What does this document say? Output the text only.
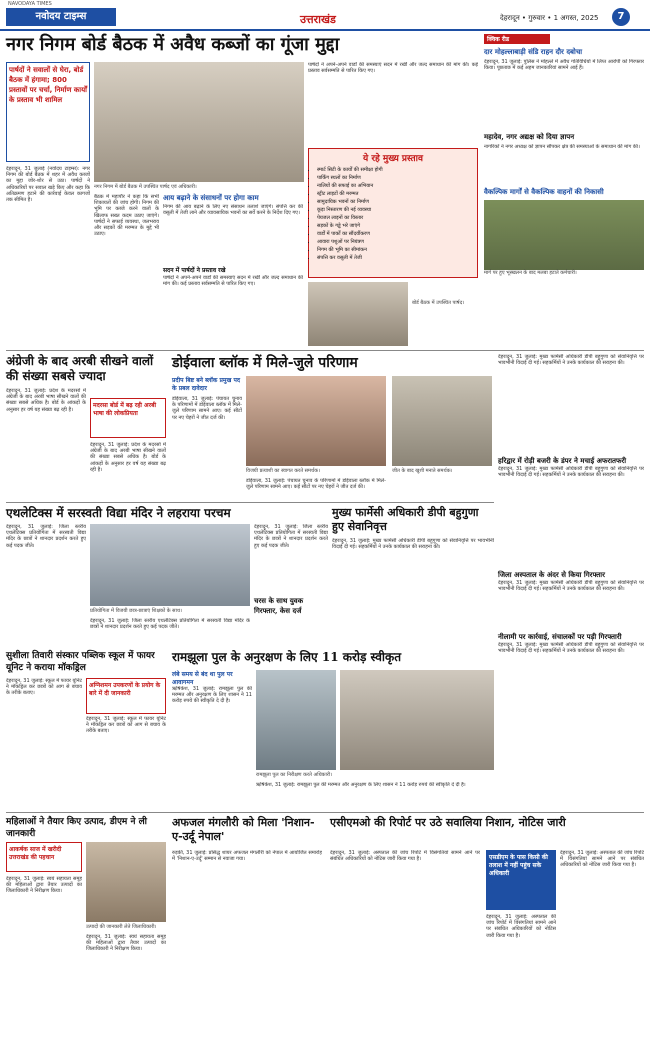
NAVODAYA TIMES
नवोदय टाइम्स	उत्तराखंड	देहरादून • गुरुवार • 1 अगस्त, 2025	7
नगर निगम बोर्ड बैठक में अवैध कब्जों का गूंजा मुद्दा
पार्षदों ने सवालों से घेरा, बोर्ड बैठक में हंगामा; 800 प्रस्तावों पर चर्चा, निर्माण कार्यों के प्रस्ताव भी शामिल
देहरादून, 31 जुलाई (नवोदय टाइम्स): नगर निगम की बोर्ड बैठक में शहर में अवैध कब्जों का मुद्दा जोर-शोर से उठा। पार्षदों ने अधिकारियों पर सवाल खड़े किए और कहा कि अतिक्रमण हटाने की कार्रवाई केवल कागजों तक सीमित है।
नगर निगम में बोर्ड बैठक में उपस्थित पार्षद एवं अधिकारी।
बैठक में महापौर ने कहा कि सभी शिकायतों की जांच होगी। निगम की भूमि पर कब्जे करने वालों के खिलाफ सख्त कदम उठाए जाएंगे। पार्षदों ने सफाई व्यवस्था, जलभराव और सड़कों की मरम्मत के मुद्दे भी उठाए।
आय बढ़ाने के संसाधनों पर होगा काम
निगम की आय बढ़ाने के लिए नए संसाधन तलाशे जाएंगे। संपत्ति कर की वसूली में तेजी लाने और व्यावसायिक भवनों का सर्वे करने के निर्देश दिए गए।
सदन में पार्षदों ने प्रस्ताव रखे
पार्षदों ने अपने-अपने वार्डों की समस्याएं सदन में रखीं और जल्द समाधान की मांग की। कई प्रस्ताव सर्वसम्मति से पारित किए गए।
पार्षदों ने अपने-अपने वार्डों की समस्याएं सदन में रखीं और जल्द समाधान की मांग की। कई प्रस्ताव सर्वसम्मति से पारित किए गए।
ये रहे मुख्य प्रस्ताव
• स्मार्ट सिटी के कार्यों की समीक्षा होगी
• पार्किंग स्थलों का निर्माण
• नालियों की सफाई का अभियान
• स्ट्रीट लाइटों की मरम्मत
• सामुदायिक भवनों का निर्माण
• कूड़ा निस्तारण की नई व्यवस्था
• पेयजल लाइनों का विस्तार
• सड़कों के गड्ढे भरे जाएंगे
• वार्डों में पार्कों का सौंदर्यीकरण
• आवारा पशुओं पर नियंत्रण
• निगम की भूमि का सीमांकन
• संपत्ति कर वसूली में तेजी
बोर्ड बैठक में उपस्थित पार्षद।
क्विक रीड
दार मोहल्लाबाड़ी संडि राहन दौर दबोचा
देहरादून, 31 जुलाई: पुलिस ने मोहल्ले में अवैध गतिविधियों में लिप्त आरोपी को गिरफ्तार किया। पूछताछ में कई अहम जानकारियां सामने आई हैं।
महादेव, नगर अद्यक्ष को दिया ज्ञापन
नागरिकों ने नगर अध्यक्ष को ज्ञापन सौंपकर क्षेत्र की समस्याओं के समाधान की मांग की।
वैकल्पिक मार्गों से वैकल्पिक वाहनों की निकासी
मार्ग पर हुए भूस्खलन के बाद मलबा हटाते कर्मचारी।
अंग्रेजी के बाद अरबी सीखने वालों की संख्या सबसे ज्यादा
देहरादून, 31 जुलाई: प्रदेश के मदरसों में अंग्रेजी के बाद अरबी भाषा सीखने वालों की संख्या सबसे अधिक है। बोर्ड के आंकड़ों के अनुसार हर वर्ष यह संख्या बढ़ रही है।
मदरसा बोर्ड में बढ़ रही अरबी भाषा की लोकप्रियता
देहरादून, 31 जुलाई: प्रदेश के मदरसों में अंग्रेजी के बाद अरबी भाषा सीखने वालों की संख्या सबसे अधिक है। बोर्ड के आंकड़ों के अनुसार हर वर्ष यह संख्या बढ़ रही है।
डोईवाला ब्लॉक में मिले-जुले परिणाम
प्रदीप बिष्ट बने ब्लॉक प्रमुख पद के प्रबल दावेदार
डोईवाला, 31 जुलाई: पंचायत चुनाव के परिणामों में डोईवाला ब्लॉक में मिले-जुले परिणाम सामने आए। कई सीटों पर नए चेहरों ने जीत दर्ज की।
विजयी प्रत्याशी का स्वागत करते समर्थक।
डोईवाला, 31 जुलाई: पंचायत चुनाव के परिणामों में डोईवाला ब्लॉक में मिले-जुले परिणाम सामने आए। कई सीटों पर नए चेहरों ने जीत दर्ज की।
जीत के बाद खुशी मनाते समर्थक।
देहरादून, 31 जुलाई: मुख्य फार्मेसी अधिकारी डीपी बहुगुणा को सेवानिवृत्ति पर भावभीनी विदाई दी गई। सहकर्मियों ने उनके कार्यकाल की सराहना की।
हरिद्वार में रोड़ी बजरी के डंपर ने मचाई अफरातफरी
देहरादून, 31 जुलाई: मुख्य फार्मेसी अधिकारी डीपी बहुगुणा को सेवानिवृत्ति पर भावभीनी विदाई दी गई। सहकर्मियों ने उनके कार्यकाल की सराहना की।
जिला अस्पताल के अंदर से किया गिरफ्तार
देहरादून, 31 जुलाई: मुख्य फार्मेसी अधिकारी डीपी बहुगुणा को सेवानिवृत्ति पर भावभीनी विदाई दी गई। सहकर्मियों ने उनके कार्यकाल की सराहना की।
नीलामी पर कार्रवाई, संचालकों पर पड़ी गिरफ्तारी
देहरादून, 31 जुलाई: मुख्य फार्मेसी अधिकारी डीपी बहुगुणा को सेवानिवृत्ति पर भावभीनी विदाई दी गई। सहकर्मियों ने उनके कार्यकाल की सराहना की।
एथलेटिक्स में सरस्वती विद्या मंदिर ने लहराया परचम
देहरादून, 31 जुलाई: जिला स्तरीय एथलेटिक्स प्रतियोगिता में सरस्वती विद्या मंदिर के छात्रों ने शानदार प्रदर्शन करते हुए कई पदक जीते।
प्रतियोगिता में विजयी छात्र-छात्राएं शिक्षकों के साथ।
देहरादून, 31 जुलाई: जिला स्तरीय एथलेटिक्स प्रतियोगिता में सरस्वती विद्या मंदिर के छात्रों ने शानदार प्रदर्शन करते हुए कई पदक जीते।
देहरादून, 31 जुलाई: जिला स्तरीय एथलेटिक्स प्रतियोगिता में सरस्वती विद्या मंदिर के छात्रों ने शानदार प्रदर्शन करते हुए कई पदक जीते।
चरस के साथ युवक गिरफ्तार, केस दर्ज
मुख्य फार्मेसी अधिकारी डीपी बहुगुणा हुए सेवानिवृत्त
देहरादून, 31 जुलाई: मुख्य फार्मेसी अधिकारी डीपी बहुगुणा को सेवानिवृत्ति पर भावभीनी विदाई दी गई। सहकर्मियों ने उनके कार्यकाल की सराहना की।
सुशीला तिवारी संस्कार पब्लिक स्कूल में फायर यूनिट ने कराया मॉकड्रिल
देहरादून, 31 जुलाई: स्कूल में फायर यूनिट ने मॉकड्रिल कर छात्रों को आग से बचाव के तरीके बताए।
अग्निशमन उपकरणों के प्रयोग के बारे में दी जानकारी
देहरादून, 31 जुलाई: स्कूल में फायर यूनिट ने मॉकड्रिल कर छात्रों को आग से बचाव के तरीके बताए।
रामझूला पुल के अनुरक्षण के लिए 11 करोड़ स्वीकृत
लंबे समय से बंद था पुल पर आवागमन
ऋषिकेश, 31 जुलाई: रामझूला पुल की मरम्मत और अनुरक्षण के लिए शासन ने 11 करोड़ रुपये की स्वीकृति दे दी है।
रामझूला पुल का निरीक्षण करते अधिकारी।
ऋषिकेश, 31 जुलाई: रामझूला पुल की मरम्मत और अनुरक्षण के लिए शासन ने 11 करोड़ रुपये की स्वीकृति दे दी है।
महिलाओं ने तैयार किए उत्पाद, डीएम ने ली जानकारी
आकर्षक साज में खरीदी उत्तराखंड की पहचान
देहरादून, 31 जुलाई: स्वयं सहायता समूह की महिलाओं द्वारा तैयार उत्पादों का जिलाधिकारी ने निरीक्षण किया।
उत्पादों की जानकारी लेते जिलाधिकारी।
देहरादून, 31 जुलाई: स्वयं सहायता समूह की महिलाओं द्वारा तैयार उत्पादों का जिलाधिकारी ने निरीक्षण किया।
अफजल मंगलौरी को मिला 'निशान-ए-उर्दू नेपाल'
रुड़की, 31 जुलाई: प्रसिद्ध शायर अफजल मंगलौरी को नेपाल में आयोजित समारोह में 'निशान-ए-उर्दू' सम्मान से नवाजा गया।
एसीएमओ की रिपोर्ट पर उठे सवालिया निशान, नोटिस जारी
देहरादून, 31 जुलाई: अस्पताल की जांच रिपोर्ट में विसंगतियां सामने आने पर संबंधित अधिकारियों को नोटिस जारी किया गया है।	एसडीएम के पास किसी की तलाश में नहीं पहुंच सके अधिकारी
देहरादून, 31 जुलाई: अस्पताल की जांच रिपोर्ट में विसंगतियां सामने आने पर संबंधित अधिकारियों को नोटिस जारी किया गया है।
देहरादून, 31 जुलाई: अस्पताल की जांच रिपोर्ट में विसंगतियां सामने आने पर संबंधित अधिकारियों को नोटिस जारी किया गया है।
